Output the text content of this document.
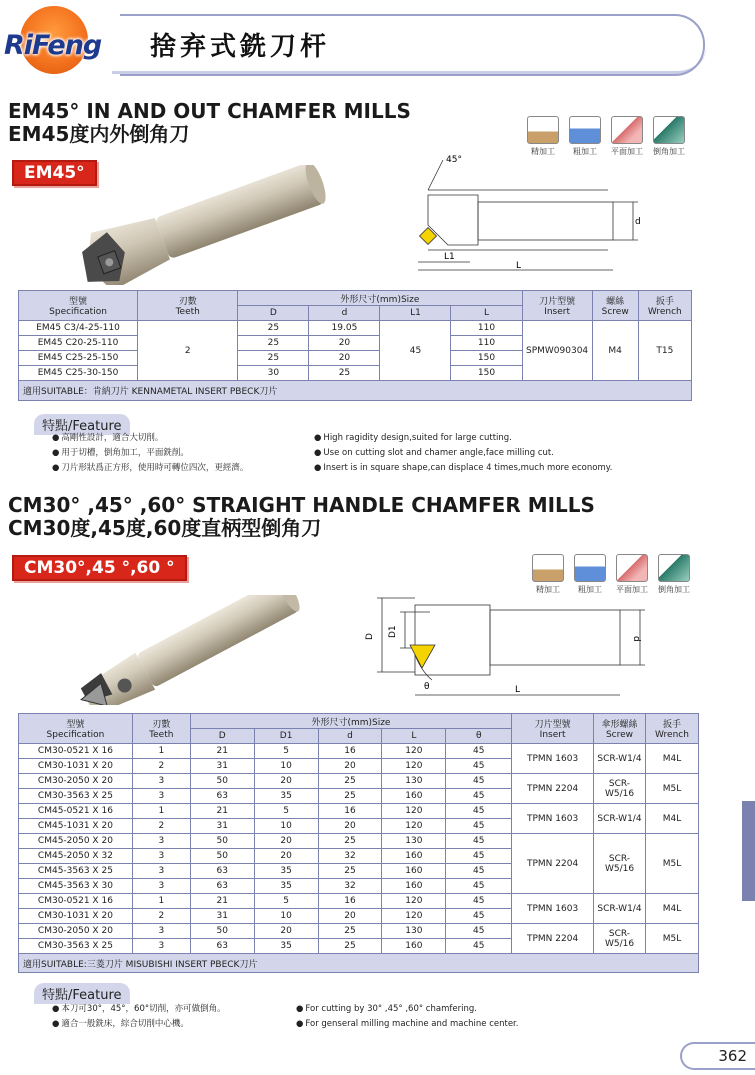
RiFeng 捨弃式銑刀杆
EM45° IN AND OUT CHAMFER MILLS
EM45度内外倒角刀
EM45°
精加工	粗加工	平面加工 倒角加工
45°
L1
L
d
型號
Specification	刃數
Teeth	外形尺寸(mm)Size				刀片型號
Insert	螺絲
Screw	扳手
Wrench
		D	d	L1	L			
EM45 C3/4-25-110	2	25	19.05	45	110	SPMW090304	M4	T15
EM45 C20-25-110		25	20		110			
EM45 C25-25-150		25	20		150			
EM45 C25-30-150		30	25		150			
適用SUITABLE：肯納刀片 KENNAMETAL INSERT PBECK刀片								
特點/Feature
● 高剛性設計，適合大切削。
● 用于切槽，倒角加工，平面銑削。
● 刀片形狀爲正方形，使用時可轉位四次，更經濟。
● High ragidity design,suited for large cutting.
● Use on cutting slot and chamer angle,face milling cut.
● Insert is in square shape,can displace 4 times,much more economy.
CM30° ,45° ,60° STRAIGHT HANDLE CHAMFER MILLS
CM30度,45度,60度直柄型倒角刀
CM30°,45 °,60 °
精加工	粗加工	平面加工 倒角加工
D D1
d
L
θ
型號
Specification	刃數
Teeth	外形尺寸(mm)Size					刀片型號
Insert	傘形螺絲
Screw	扳手
Wrench
		D	D1	d	L	θ			
CM30-0521 X 16	1	21	5	16	120	45	TPMN 1603	SCR-W1/4	M4L
CM30-1031 X 20	2	31	10	20	120	45			
CM30-2050 X 20	3	50	20	25	130	45	TPMN 2204	SCR-W5/16	M5L
CM30-3563 X 25	3	63	35	25	160	45			
CM45-0521 X 16	1	21	5	16	120	45	TPMN 1603	SCR-W1/4	M4L
CM45-1031 X 20	2	31	10	20	120	45			
CM45-2050 X 20	3	50	20	25	130	45	TPMN 2204	SCR-W5/16	M5L
CM45-2050 X 32	3	50	20	32	160	45			
CM45-3563 X 25	3	63	35	25	160	45			
CM45-3563 X 30	3	63	35	32	160	45			
CM30-0521 X 16	1	21	5	16	120	45	TPMN 1603	SCR-W1/4	M4L
CM30-1031 X 20	2	31	10	20	120	45			
CM30-2050 X 20	3	50	20	25	130	45	TPMN 2204	SCR-W5/16	M5L
CM30-3563 X 25	3	63	35	25	160	45			
適用SUITABLE:三菱刀片 MISUBISHI INSERT PBECK刀片									
特點/Feature
● 本刀可30°，45°，60°切削，亦可做倒角。
● 適合一般銑床，綜合切削中心機。
● For cutting by 30° ,45° ,60° chamfering.
● For genseral milling machine and machine center.
362
